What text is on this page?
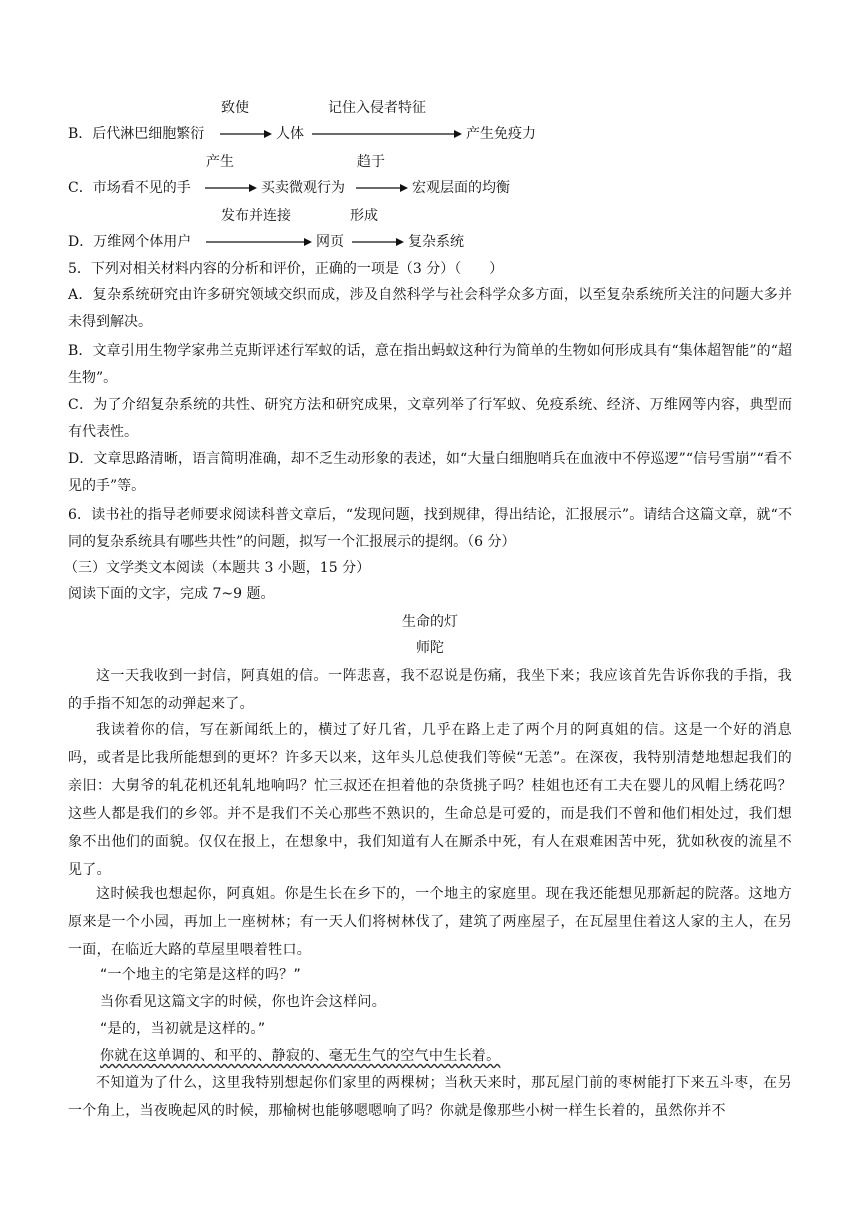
致使	记住入侵者特征
B．后代淋巴细胞繁衍	人体	产生免疫力
产生	趋于
C．市场看不见的手	买卖微观行为	宏观层面的均衡
发布并连接	形成
D．万维网个体用户	网页	复杂系统
5．下列对相关材料内容的分析和评价，正确的一项是（3 分）（　　）
A．复杂系统研究由许多研究领域交织而成，涉及自然科学与社会科学众多方面，以至复杂系统所关注的问题大多并未得到解决。
B．文章引用生物学家弗兰克斯评述行军蚁的话，意在指出蚂蚁这种行为简单的生物如何形成具有“集体超智能”的“超生物”。
C．为了介绍复杂系统的共性、研究方法和研究成果，文章列举了行军蚁、免疫系统、经济、万维网等内容，典型而有代表性。
D．文章思路清晰，语言简明准确，却不乏生动形象的表述，如“大量白细胞哨兵在血液中不停巡逻”“信号雪崩”“看不见的手”等。
6．读书社的指导老师要求阅读科普文章后，“发现问题，找到规律，得出结论，汇报展示”。请结合这篇文章，就“不同的复杂系统具有哪些共性”的问题，拟写一个汇报展示的提纲。（6 分）
（三）文学类文本阅读（本题共 3 小题，15 分）
阅读下面的文字，完成 7~9 题。
生命的灯
师陀
这一天我收到一封信，阿真姐的信。一阵悲喜，我不忍说是伤痛，我坐下来；我应该首先告诉你我的手指，我的手指不知怎的动弹起来了。
我读着你的信，写在新闻纸上的，横过了好几省，几乎在路上走了两个月的阿真姐的信。这是一个好的消息吗，或者是比我所能想到的更坏？许多天以来，这年头儿总使我们等候“无恙”。在深夜，我特别清楚地想起我们的亲旧：大舅爷的轧花机还轧轧地响吗？忙三叔还在担着他的杂货挑子吗？桂姐也还有工夫在婴儿的风帽上绣花吗？这些人都是我们的乡邻。并不是我们不关心那些不熟识的，生命总是可爱的，而是我们不曾和他们相处过，我们想象不出他们的面貌。仅仅在报上，在想象中，我们知道有人在厮杀中死，有人在艰难困苦中死，犹如秋夜的流星不见了。
这时候我也想起你，阿真姐。你是生长在乡下的，一个地主的家庭里。现在我还能想见那新起的院落。这地方原来是一个小园，再加上一座树林；有一天人们将树林伐了，建筑了两座屋子，在瓦屋里住着这人家的主人，在另一面，在临近大路的草屋里喂着牲口。
“一个地主的宅第是这样的吗？”
当你看见这篇文字的时候，你也许会这样问。
“是的，当初就是这样的。”
你就在这单调的、和平的、静寂的、毫无生气的空气中生长着。
不知道为了什么，这里我特别想起你们家里的两棵树；当秋天来时，那瓦屋门前的枣树能打下来五斗枣，在另一个角上，当夜晚起风的时候，那榆树也能够嗯嗯响了吗？你就是像那些小树一样生长着的，虽然你并不
